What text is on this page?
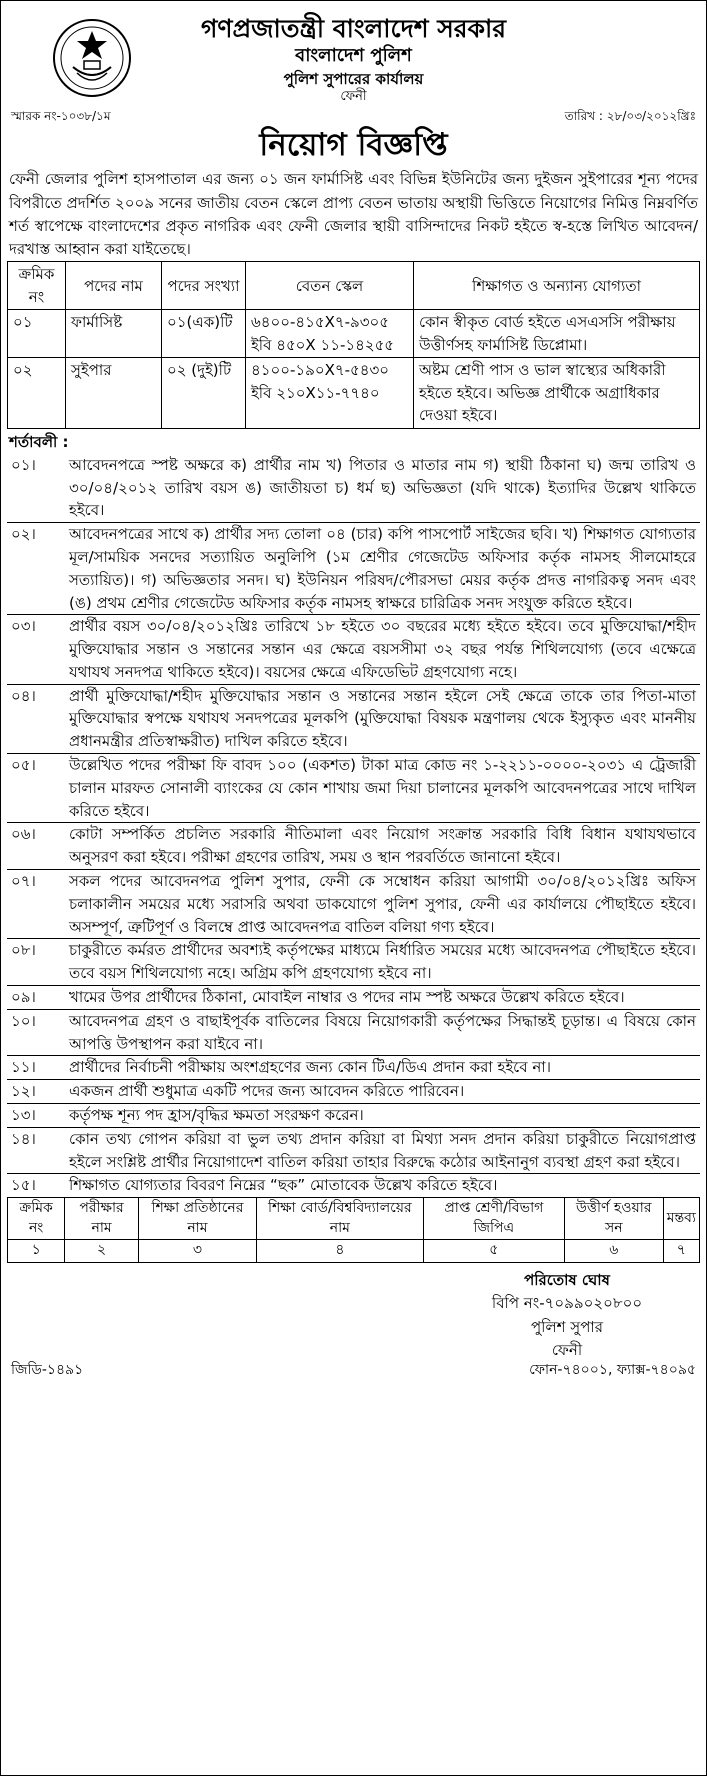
গণপ্রজাতন্ত্রী বাংলাদেশ সরকার
বাংলাদেশ পুলিশ
পুলিশ সুপারের কার্যালয়
ফেনী
স্মারক নং-১০৩৮/১ম	তারিখ : ২৮/০৩/২০১২খ্রিঃ
নিয়োগ বিজ্ঞপ্তি
ফেনী জেলার পুলিশ হাসপাতাল এর জন্য ০১ জন ফার্মাসিষ্ট এবং বিভিন্ন ইউনিটের জন্য দুইজন সুইপারের শূন্য পদের বিপরীতে প্রদর্শিত ২০০৯ সনের জাতীয় বেতন স্কেলে প্রাপ্য বেতন ভাতায় অস্থায়ী ভিত্তিতে নিয়োগের নিমিত্ত নিম্নবর্ণিত শর্ত স্বাপেক্ষে বাংলাদেশের প্রকৃত নাগরিক এবং ফেনী জেলার স্থায়ী বাসিন্দাদের নিকট হইতে স্ব-হস্তে লিখিত আবেদন/দরখাস্ত আহ্বান করা যাইতেছে।
ক্রমিক নং	পদের নাম	পদের সংখ্যা	বেতন স্কেল	শিক্ষাগত ও অন্যান্য যোগ্যতা
০১	ফার্মাসিষ্ট	০১(এক)টি	৬৪০০-৪১৫X৭-৯৩০৫ ইবি ৪৫০X ১১-১৪২৫৫	কোন স্বীকৃত বোর্ড হইতে এসএসসি পরীক্ষায় উত্তীর্ণসহ ফার্মাসিষ্ট ডিপ্লোমা।
০২	সুইপার	০২ (দুই)টি	৪১০০-১৯০X৭-৫৪৩০ ইবি ২১০X১১-৭৭৪০	অষ্টম শ্রেণী পাস ও ভাল স্বাস্থ্যের অধিকারী হইতে হইবে। অভিজ্ঞ প্রার্থীকে অগ্রাধিকার দেওয়া হইবে।
শর্তাবলী :
০১।	আবেদনপত্রে স্পষ্ট অক্ষরে ক) প্রার্থীর নাম খ) পিতার ও মাতার নাম গ) স্থায়ী ঠিকানা ঘ) জন্ম তারিখ ও ৩০/০৪/২০১২ তারিখ বয়স ঙ) জাতীয়তা চ) ধর্ম ছ) অভিজ্ঞতা (যদি থাকে) ইত্যাদির উল্লেখ থাকিতে হইবে।
০২।	আবেদনপত্রের সাথে ক) প্রার্থীর সদ্য তোলা ০৪ (চার) কপি পাসপোর্ট সাইজের ছবি। খ) শিক্ষাগত যোগ্যতার মূল/সাময়িক সনদের সত্যায়িত অনুলিপি (১ম শ্রেণীর গেজেটেড অফিসার কর্তৃক নামসহ সীলমোহরে সত্যায়িত)। গ) অভিজ্ঞতার সনদ। ঘ) ইউনিয়ন পরিষদ/পৌরসভা মেয়র কর্তৃক প্রদত্ত নাগরিকত্ব সনদ এবং (ঙ) প্রথম শ্রেণীর গেজেটেড অফিসার কর্তৃক নামসহ স্বাক্ষরে চারিত্রিক সনদ সংযুক্ত করিতে হইবে।
০৩।	প্রার্থীর বয়স ৩০/০৪/২০১২খ্রিঃ তারিখে ১৮ হইতে ৩০ বছরের মধ্যে হইতে হইবে। তবে মুক্তিযোদ্ধা/শহীদ মুক্তিযোদ্ধার সন্তান ও সন্তানের সন্তান এর ক্ষেত্রে বয়সসীমা ৩২ বছর পর্যন্ত শিথিলযোগ্য (তবে এক্ষেত্রে যথাযথ সনদপত্র থাকিতে হইবে)। বয়সের ক্ষেত্রে এফিডেভিট গ্রহণযোগ্য নহে।
০৪।	প্রার্থী মুক্তিযোদ্ধা/শহীদ মুক্তিযোদ্ধার সন্তান ও সন্তানের সন্তান হইলে সেই ক্ষেত্রে তাকে তার পিতা-মাতা মুক্তিযোদ্ধার স্বপক্ষে যথাযথ সনদপত্রের মূলকপি (মুক্তিযোদ্ধা বিষয়ক মন্ত্রণালয় থেকে ইস্যুকৃত এবং মাননীয় প্রধানমন্ত্রীর প্রতিস্বাক্ষরীত) দাখিল করিতে হইবে।
০৫।	উল্লেখিত পদের পরীক্ষা ফি বাবদ ১০০ (একশত) টাকা মাত্র কোড নং ১-২২১১-০০০০-২০৩১ এ ট্রেজারী চালান মারফত সোনালী ব্যাংকের যে কোন শাখায় জমা দিয়া চালানের মূলকপি আবেদনপত্রের সাথে দাখিল করিতে হইবে।
০৬।	কোটা সম্পর্কিত প্রচলিত সরকারি নীতিমালা এবং নিয়োগ সংক্রান্ত সরকারি বিধি বিধান যথাযথভাবে অনুসরণ করা হইবে। পরীক্ষা গ্রহণের তারিখ, সময় ও স্থান পরবর্তিতে জানানো হইবে।
০৭।	সকল পদের আবেদনপত্র পুলিশ সুপার, ফেনী কে সম্বোধন করিয়া আগামী ৩০/০৪/২০১২খ্রিঃ অফিস চলাকালীন সময়ের মধ্যে সরাসরি অথবা ডাকযোগে পুলিশ সুপার, ফেনী এর কার্যালয়ে পৌছাইতে হইবে। অসম্পূর্ণ, ত্রুটিপূর্ণ ও বিলম্বে প্রাপ্ত আবেদনপত্র বাতিল বলিয়া গণ্য হইবে।
০৮।	চাকুরীতে কর্মরত প্রার্থীদের অবশ্যই কর্তৃপক্ষের মাধ্যমে নির্ধারিত সময়ের মধ্যে আবেদনপত্র পৌছাইতে হইবে। তবে বয়স শিথিলযোগ্য নহে। অগ্রিম কপি গ্রহণযোগ্য হইবে না।
০৯।	খামের উপর প্রার্থীদের ঠিকানা, মোবাইল নাম্বার ও পদের নাম স্পষ্ট অক্ষরে উল্লেখ করিতে হইবে।
১০।	আবেদনপত্র গ্রহণ ও বাছাইপূর্বক বাতিলের বিষয়ে নিয়োগকারী কর্তৃপক্ষের সিদ্ধান্তই চূড়ান্ত। এ বিষয়ে কোন আপত্তি উপস্থাপন করা যাইবে না।
১১।	প্রার্থীদের নির্বাচনী পরীক্ষায় অংশগ্রহণের জন্য কোন টিএ/ডিএ প্রদান করা হইবে না।
১২।	একজন প্রার্থী শুধুমাত্র একটি পদের জন্য আবেদন করিতে পারিবেন।
১৩।	কর্তৃপক্ষ শূন্য পদ হ্রাস/বৃদ্ধির ক্ষমতা সংরক্ষণ করেন।
১৪।	কোন তথ্য গোপন করিয়া বা ভুল তথ্য প্রদান করিয়া বা মিথ্যা সনদ প্রদান করিয়া চাকুরীতে নিয়োগপ্রাপ্ত হইলে সংশ্লিষ্ট প্রার্থীর নিয়োগাদেশ বাতিল করিয়া তাহার বিরুদ্ধে কঠোর আইনানুগ ব্যবস্থা গ্রহণ করা হইবে।
১৫।	শিক্ষাগত যোগ্যতার বিবরণ নিম্নের “ছক” মোতাবেক উল্লেখ করিতে হইবে।
ক্রমিক নং	পরীক্ষার নাম	শিক্ষা প্রতিষ্ঠানের নাম	শিক্ষা বোর্ড/বিশ্ববিদ্যালয়ের নাম	প্রাপ্ত শ্রেণী/বিভাগ জিপিএ	উত্তীর্ণ হওয়ার সন	মন্তব্য
১	২	৩	৪	৫	৬	৭
পরিতোষ ঘোষ
বিপি নং-৭০৯৯০২০৮০০
পুলিশ সুপার
ফেনী
জিডি-১৪৯১	ফোন-৭৪০০১, ফ্যাক্স-৭৪০৯৫
